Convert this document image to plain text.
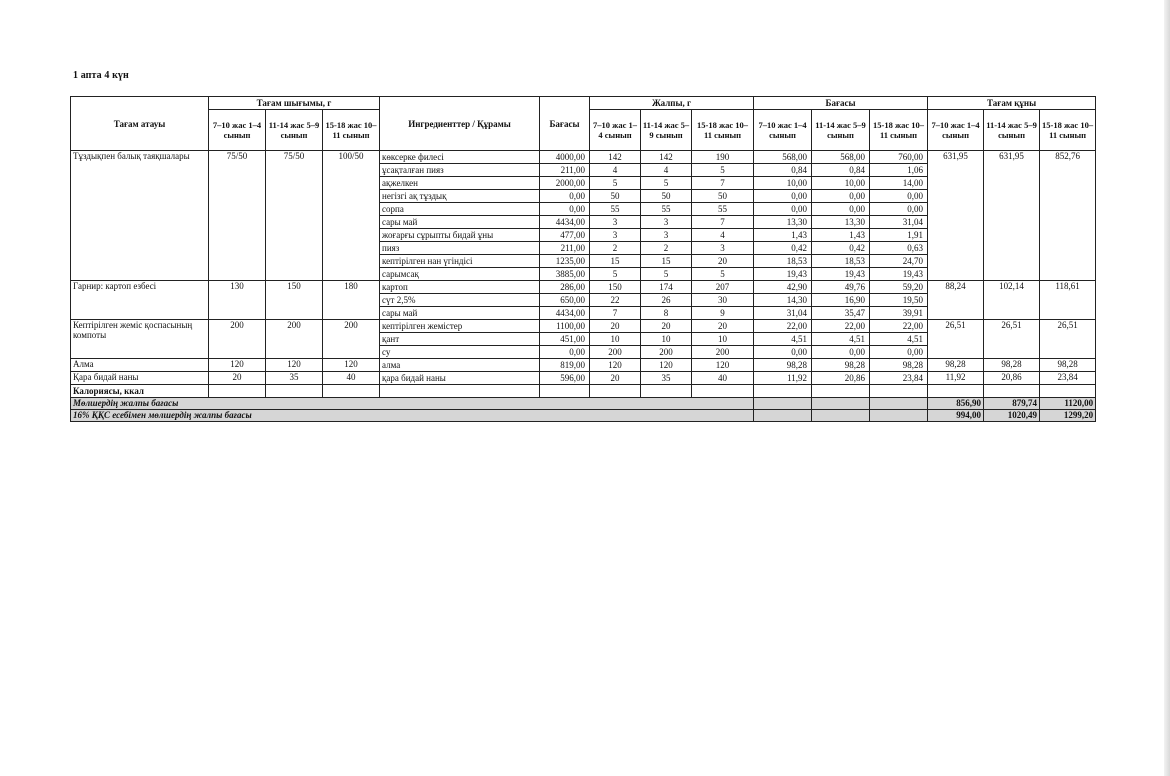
1 апта 4 күн
Тағам атауы	Тағам шығымы, г			Ингредиенттер / Құрамы	Бағасы	Жалпы, г			Бағасы			Тағам құны		
	7–10 жас 1–4 сынып	11-14 жас 5–9 сынып	15-18 жас 10–11 сынып			7–10 жас 1–4 сынып	11-14 жас 5–9 сынып	15-18 жас 10–11 сынып	7–10 жас 1–4 сынып	11-14 жас 5–9 сынып	15-18 жас 10–11 сынып	7–10 жас 1–4 сынып	11-14 жас 5–9 сынып	15-18 жас 10–11 сынып
Тұздықпен балық таяқшалары	75/50	75/50	100/50	көксерке филесі	4000,00	142	142	190	568,00	568,00	760,00	631,95	631,95	852,76
				ұсақталған пияз	211,00	4	4	5	0,84	0,84	1,06			
				ақжелкен	2000,00	5	5	7	10,00	10,00	14,00			
				негізгі ақ тұздық	0,00	50	50	50	0,00	0,00	0,00			
				сорпа	0,00	55	55	55	0,00	0,00	0,00			
				сары май	4434,00	3	3	7	13,30	13,30	31,04			
				жоғарғы сұрыпты бидай ұны	477,00	3	3	4	1,43	1,43	1,91			
				пияз	211,00	2	2	3	0,42	0,42	0,63			
				кептірілген нан үгіндісі	1235,00	15	15	20	18,53	18,53	24,70			
				сарымсақ	3885,00	5	5	5	19,43	19,43	19,43			
Гарнир: картоп езбесі	130	150	180	картоп	286,00	150	174	207	42,90	49,76	59,20	88,24	102,14	118,61
				сүт 2,5%	650,00	22	26	30	14,30	16,90	19,50			
				сары май	4434,00	7	8	9	31,04	35,47	39,91			
Кептірілген жеміс қоспасының компоты	200	200	200	кептірілген жемістер	1100,00	20	20	20	22,00	22,00	22,00	26,51	26,51	26,51
				қант	451,00	10	10	10	4,51	4,51	4,51			
				су	0,00	200	200	200	0,00	0,00	0,00			
Алма	120	120	120	алма	819,00	120	120	120	98,28	98,28	98,28	98,28	98,28	98,28
Қара бидай наны	20	35	40	қара бидай наны	596,00	20	35	40	11,92	20,86	23,84	11,92	20,86	23,84
Калориясы, ккал														
Мөлшердің жалпы бағасы												856,90	879,74	1120,00
16% ҚҚС есебімен мөлшердің жалпы бағасы												994,00	1020,49	1299,20
